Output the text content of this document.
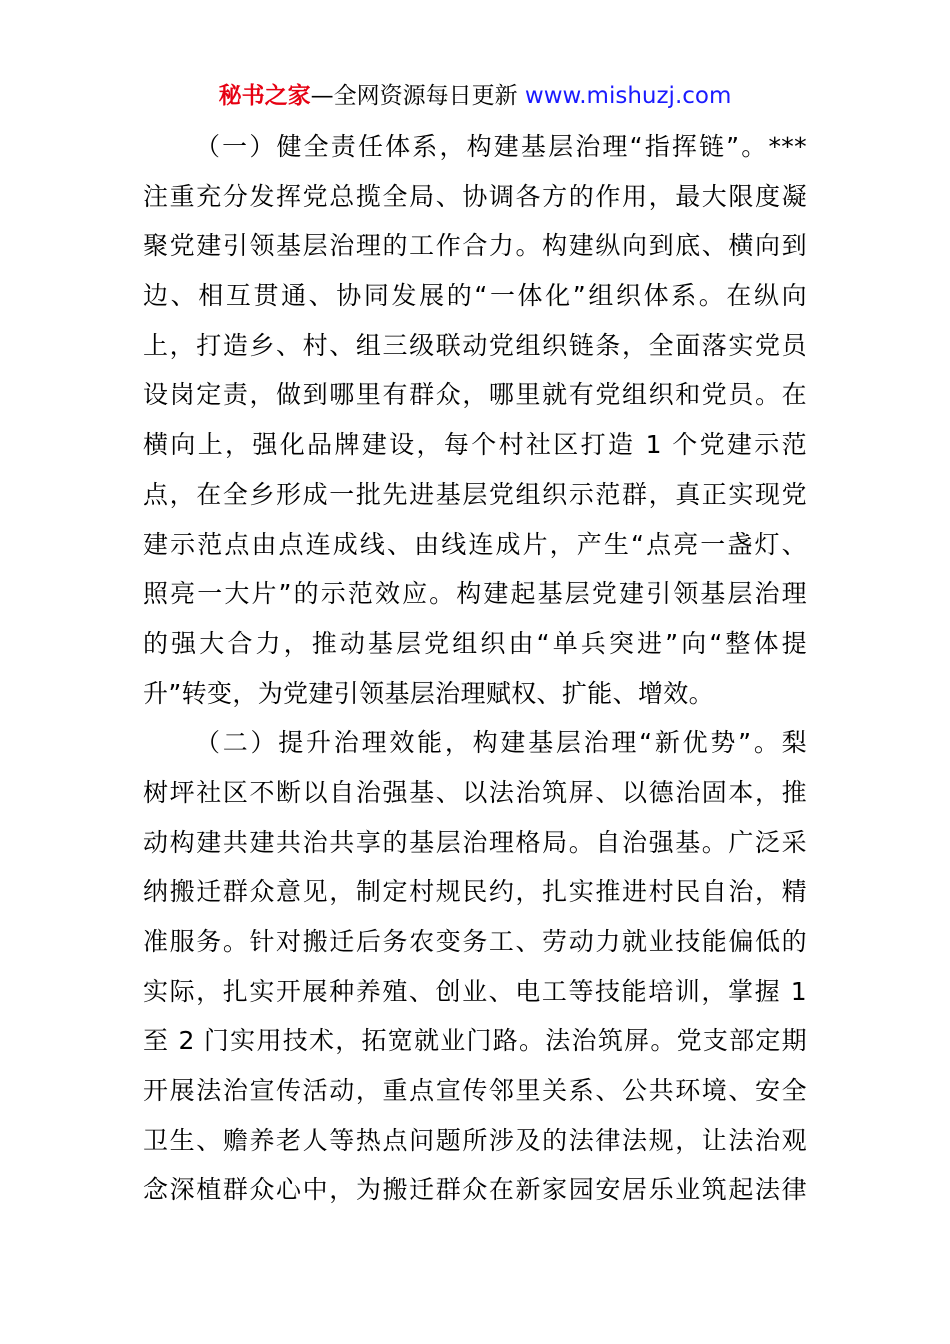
秘书之家—全网资源每日更新 www.mishuzj.com
（一）健全责任体系，构建基层治理“指挥链”。***
注重充分发挥党总揽全局、协调各方的作用，最大限度凝
聚党建引领基层治理的工作合力。构建纵向到底、横向到
边、相互贯通、协同发展的“一体化”组织体系。在纵向
上，打造乡、村、组三级联动党组织链条，全面落实党员
设岗定责，做到哪里有群众，哪里就有党组织和党员。在
横向上，强化品牌建设，每个村社区打造 1 个党建示范
点，在全乡形成一批先进基层党组织示范群，真正实现党
建示范点由点连成线、由线连成片，产生“点亮一盏灯、
照亮一大片”的示范效应。构建起基层党建引领基层治理
的强大合力，推动基层党组织由“单兵突进”向“整体提
升”转变，为党建引领基层治理赋权、扩能、增效。
（二）提升治理效能，构建基层治理“新优势”。梨
树坪社区不断以自治强基、以法治筑屏、以德治固本，推
动构建共建共治共享的基层治理格局。自治强基。广泛采
纳搬迁群众意见，制定村规民约，扎实推进村民自治，精
准服务。针对搬迁后务农变务工、劳动力就业技能偏低的
实际，扎实开展种养殖、创业、电工等技能培训，掌握 1
至 2 门实用技术，拓宽就业门路。法治筑屏。党支部定期
开展法治宣传活动，重点宣传邻里关系、公共环境、安全
卫生、赡养老人等热点问题所涉及的法律法规，让法治观
念深植群众心中，为搬迁群众在新家园安居乐业筑起法律
